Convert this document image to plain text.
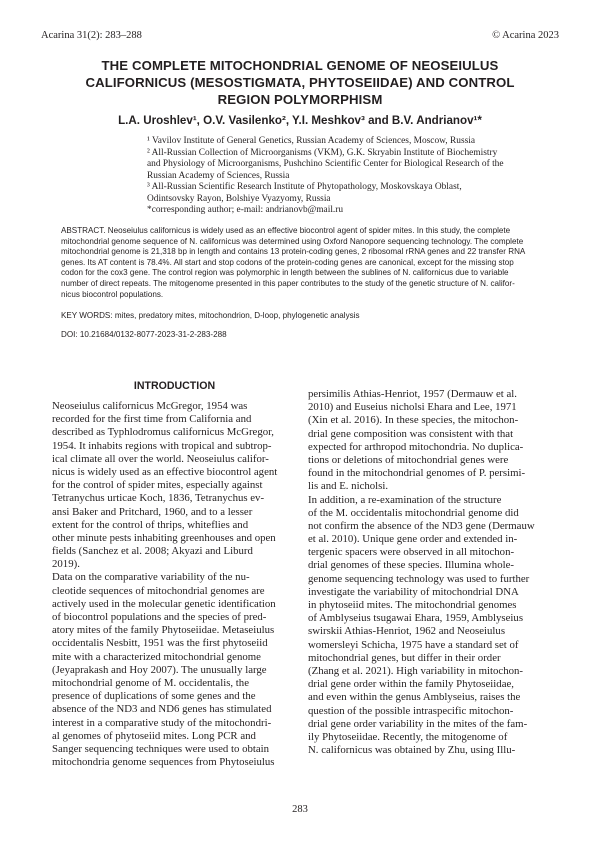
Acarina 31(2): 283–288	© Acarina 2023
THE COMPLETE MITOCHONDRIAL GENOME OF NEOSEIULUS
CALIFORNICUS (MESOSTIGMATA, PHYTOSEIIDAE) AND CONTROL
REGION POLYMORPHISM
L.A. Uroshlev¹, O.V. Vasilenko², Y.I. Meshkov³ and B.V. Andrianov¹*
¹ Vavilov Institute of General Genetics, Russian Academy of Sciences, Moscow, Russia
² All-Russian Collection of Microorganisms (VKM), G.K. Skryabin Institute of Biochemistry
and Physiology of Microorganisms, Pushchino Scientific Center for Biological Research of the
Russian Academy of Sciences, Russia
³ All-Russian Scientific Research Institute of Phytopathology, Moskovskaya Oblast,
Odintsovsky Rayon, Bolshiye Vyazyomy, Russia
*corresponding author; e-mail: andrianovb@mail.ru
ABSTRACT. Neoseiulus californicus is widely used as an effective biocontrol agent of spider mites. In this study, the complete
mitochondrial genome sequence of N. californicus was determined using Oxford Nanopore sequencing technology. The complete
mitochondrial genome is 21,318 bp in length and contains 13 protein-coding genes, 2 ribosomal rRNA genes and 22 transfer RNA
genes. Its AT content is 78.4%. All start and stop codons of the protein-coding genes are canonical, except for the missing stop
codon for the cox3 gene. The control region was polymorphic in length between the sublines of N. californicus due to variable
number of direct repeats. The mitogenome presented in this paper contributes to the study of the genetic structure of N. califor-
nicus biocontrol populations.
KEY WORDS: mites, predatory mites, mitochondrion, D-loop, phylogenetic analysis
DOI: 10.21684/0132-8077-2023-31-2-283-288
INTRODUCTION
Neoseiulus californicus McGregor, 1954 was
recorded for the first time from California and
described as Typhlodromus californicus McGregor,
1954. It inhabits regions with tropical and subtrop-
ical climate all over the world. Neoseiulus califor-
nicus is widely used as an effective biocontrol agent
for the control of spider mites, especially against
Tetranychus urticae Koch, 1836, Tetranychus ev-
ansi Baker and Pritchard, 1960, and to a lesser
extent for the control of thrips, whiteflies and
other minute pests inhabiting greenhouses and open
fields (Sanchez et al. 2008; Akyazi and Liburd
2019).
Data on the comparative variability of the nu-
cleotide sequences of mitochondrial genomes are
actively used in the molecular genetic identification
of biocontrol populations and the species of pred-
atory mites of the family Phytoseiidae. Metaseiulus
occidentalis Nesbitt, 1951 was the first phytoseiid
mite with a characterized mitochondrial genome
(Jeyaprakash and Hoy 2007). The unusually large
mitochondrial genome of M. occidentalis, the
presence of duplications of some genes and the
absence of the ND3 and ND6 genes has stimulated
interest in a comparative study of the mitochondri-
al genomes of phytoseiid mites. Long PCR and
Sanger sequencing techniques were used to obtain
mitochondria genome sequences from Phytoseiulus
persimilis Athias-Henriot, 1957 (Dermauw et al.
2010) and Euseius nicholsi Ehara and Lee, 1971
(Xin et al. 2016). In these species, the mitochon-
drial gene composition was consistent with that
expected for arthropod mitochondria. No duplica-
tions or deletions of mitochondrial genes were
found in the mitochondrial genomes of P. persimi-
lis and E. nicholsi.
In addition, a re-examination of the structure
of the M. occidentalis mitochondrial genome did
not confirm the absence of the ND3 gene (Dermauw
et al. 2010). Unique gene order and extended in-
tergenic spacers were observed in all mitochon-
drial genomes of these species. Illumina whole-
genome sequencing technology was used to further
investigate the variability of mitochondrial DNA
in phytoseiid mites. The mitochondrial genomes
of Amblyseius tsugawai Ehara, 1959, Amblyseius
swirskii Athias-Henriot, 1962 and Neoseiulus
womersleyi Schicha, 1975 have a standard set of
mitochondrial genes, but differ in their order
(Zhang et al. 2021). High variability in mitochon-
drial gene order within the family Phytoseiidae,
and even within the genus Amblyseius, raises the
question of the possible intraspecific mitochon-
drial gene order variability in the mites of the fam-
ily Phytoseiidae. Recently, the mitogenome of
N. californicus was obtained by Zhu, using Illu-
283
